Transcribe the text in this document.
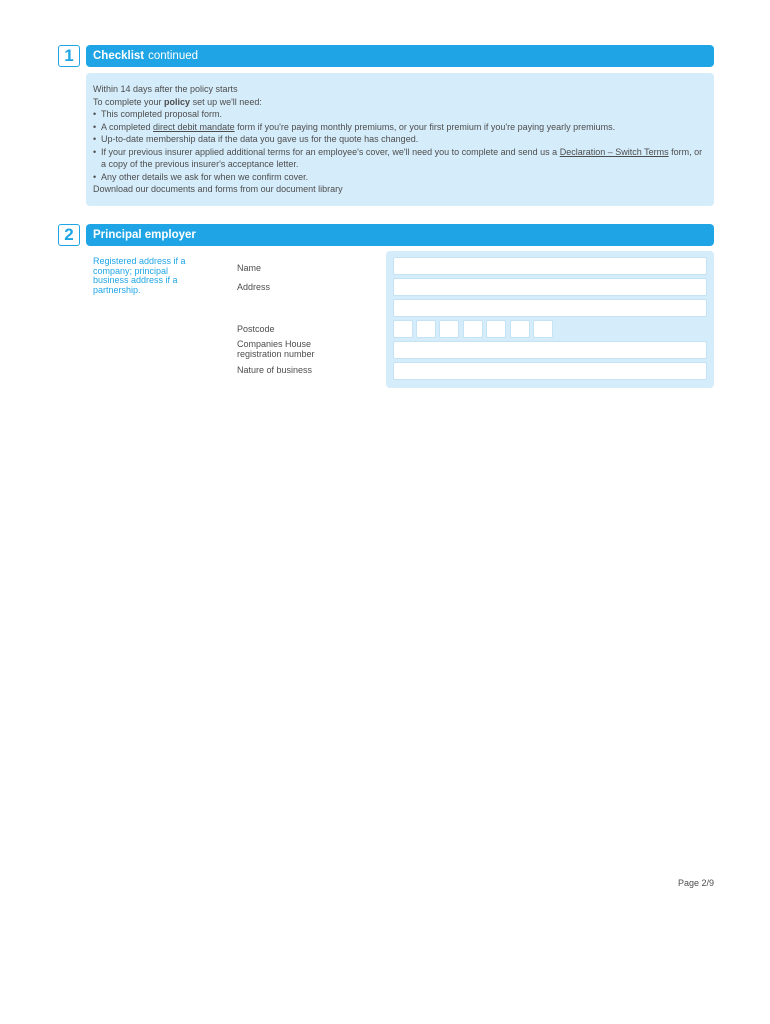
1	Checklist continued

Within 14 days after the policy starts

To complete your policy set up we'll need:

• This completed proposal form.
• A completed direct debit mandate form if you're paying monthly premiums, or your first premium if you're paying yearly premiums.
• Up-to-date membership data if the data you gave us for the quote has changed.
• If your previous insurer applied additional terms for an employee's cover, we'll need you to complete and send us a Declaration – Switch Terms form, or a copy of the previous insurer's acceptance letter.
• Any other details we ask for when we confirm cover.

Download our documents and forms from our document library

2	Principal employer
Registered address if a company; principal business address if a partnership.
Name
Address
Postcode
Companies House registration number
Nature of business
Page 2/9
